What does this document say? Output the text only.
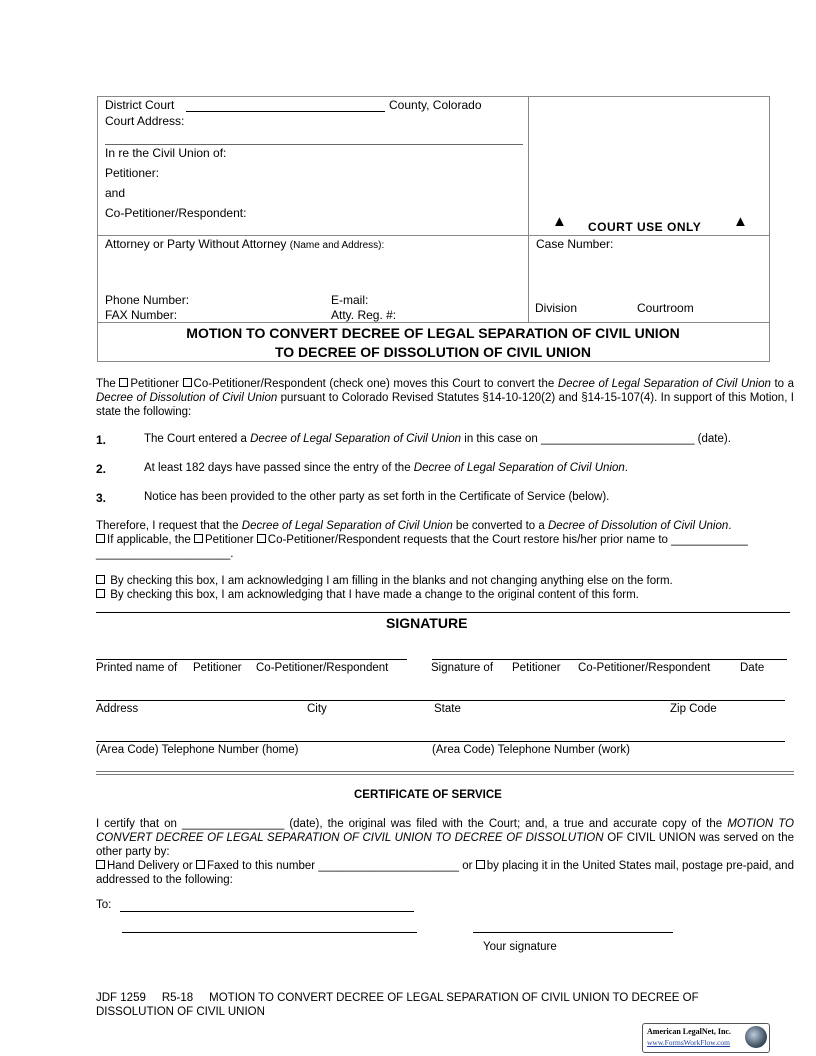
District Court	County, Colorado
Court Address:
In re the Civil Union of:
Petitioner:
and
Co-Petitioner/Respondent:	▲ COURT USE ONLY ▲
Attorney or Party Without Attorney (Name and Address):
Phone Number:	E-mail:
FAX Number:	Atty. Reg. #:
Case Number:
Division	Courtroom
MOTION TO CONVERT DECREE OF LEGAL SEPARATION OF CIVIL UNION
TO DECREE OF DISSOLUTION OF CIVIL UNION
The Petitioner Co-Petitioner/Respondent (check one) moves this Court to convert the Decree of Legal Separation of Civil Union to a Decree of Dissolution of Civil Union pursuant to Colorado Revised Statutes §14-10-120(2) and §14-15-107(4). In support of this Motion, I state the following:
1.	The Court entered a Decree of Legal Separation of Civil Union in this case on ________________________ (date).
2.	At least 182 days have passed since the entry of the Decree of Legal Separation of Civil Union.
3.	Notice has been provided to the other party as set forth in the Certificate of Service (below).
Therefore, I request that the Decree of Legal Separation of Civil Union be converted to a Decree of Dissolution of Civil Union.
If applicable, the Petitioner Co-Petitioner/Respondent requests that the Court restore his/her prior name to ____________
_____________________.
By checking this box, I am acknowledging I am filling in the blanks and not changing anything else on the form.
By checking this box, I am acknowledging that I have made a change to the original content of this form.
SIGNATURE
Printed name of Petitioner Co-Petitioner/Respondent	Signature of Petitioner Co-Petitioner/Respondent	Date
Address	City	State	Zip Code
(Area Code) Telephone Number (home)	(Area Code) Telephone Number (work)
CERTIFICATE OF SERVICE
I certify that on ________________ (date), the original was filed with the Court; and, a true and accurate copy of the MOTION TO CONVERT DECREE OF LEGAL SEPARATION OF CIVIL UNION TO DECREE OF DISSOLUTION OF CIVIL UNION was served on the other party by:
Hand Delivery or Faxed to this number ______________________ or by placing it in the United States mail, postage pre-paid, and addressed to the following:
To:
Your signature
JDF 1259 R5-18 MOTION TO CONVERT DECREE OF LEGAL SEPARATION OF CIVIL UNION TO DECREE OF DISSOLUTION OF CIVIL UNION
American LegalNet, Inc.
www.FormsWorkFlow.com
